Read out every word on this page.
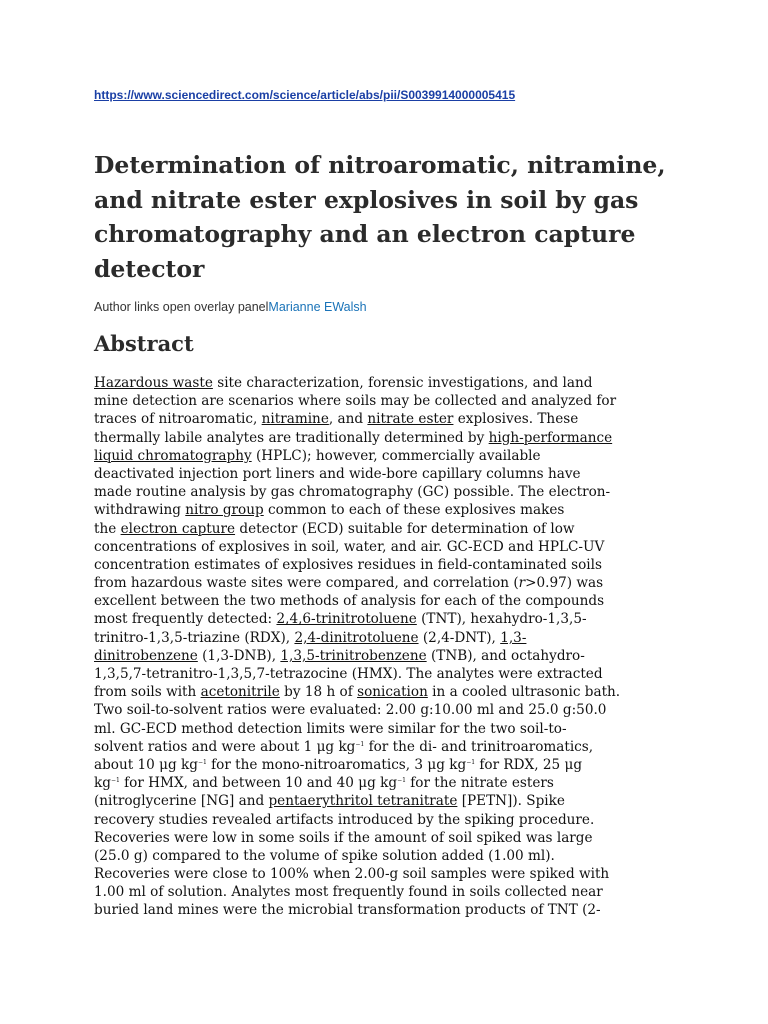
https://www.sciencedirect.com/science/article/abs/pii/S0039914000005415
Determination of nitroaromatic, nitramine, and nitrate ester explosives in soil by gas chromatography and an electron capture detector
Author links open overlay panelMarianne EWalsh
Abstract
Hazardous waste site characterization, forensic investigations, and land
mine detection are scenarios where soils may be collected and analyzed for
traces of nitroaromatic, nitramine, and nitrate ester explosives. These
thermally labile analytes are traditionally determined by high-performance
liquid chromatography (HPLC); however, commercially available
deactivated injection port liners and wide-bore capillary columns have
made routine analysis by gas chromatography (GC) possible. The electron-
withdrawing nitro group common to each of these explosives makes
the electron capture detector (ECD) suitable for determination of low
concentrations of explosives in soil, water, and air. GC-ECD and HPLC-UV
concentration estimates of explosives residues in field-contaminated soils
from hazardous waste sites were compared, and correlation (r>0.97) was
excellent between the two methods of analysis for each of the compounds
most frequently detected: 2,4,6-trinitrotoluene (TNT), hexahydro-1,3,5-
trinitro-1,3,5-triazine (RDX), 2,4-dinitrotoluene (2,4-DNT), 1,3-
dinitrobenzene (1,3-DNB), 1,3,5-trinitrobenzene (TNB), and octahydro-
1,3,5,7-tetranitro-1,3,5,7-tetrazocine (HMX). The analytes were extracted
from soils with acetonitrile by 18 h of sonication in a cooled ultrasonic bath.
Two soil-to-solvent ratios were evaluated: 2.00 g:10.00 ml and 25.0 g:50.0
ml. GC-ECD method detection limits were similar for the two soil-to-
solvent ratios and were about 1 μg $kg^{-1}$ for the di- and trinitroaromatics,
about 10 μg $kg^{-1}$ for the mono-nitroaromatics, 3 μg $kg^{-1}$ for RDX, 25 μg
$kg^{-1}$ for HMX, and between 10 and 40 μg $kg^{-1}$ for the nitrate esters
(nitroglycerine [NG] and pentaerythritol tetranitrate [PETN]). Spike
recovery studies revealed artifacts introduced by the spiking procedure.
Recoveries were low in some soils if the amount of soil spiked was large
(25.0 g) compared to the volume of spike solution added (1.00 ml).
Recoveries were close to 100% when 2.00-g soil samples were spiked with
1.00 ml of solution. Analytes most frequently found in soils collected near
buried land mines were the microbial transformation products of TNT (2-
